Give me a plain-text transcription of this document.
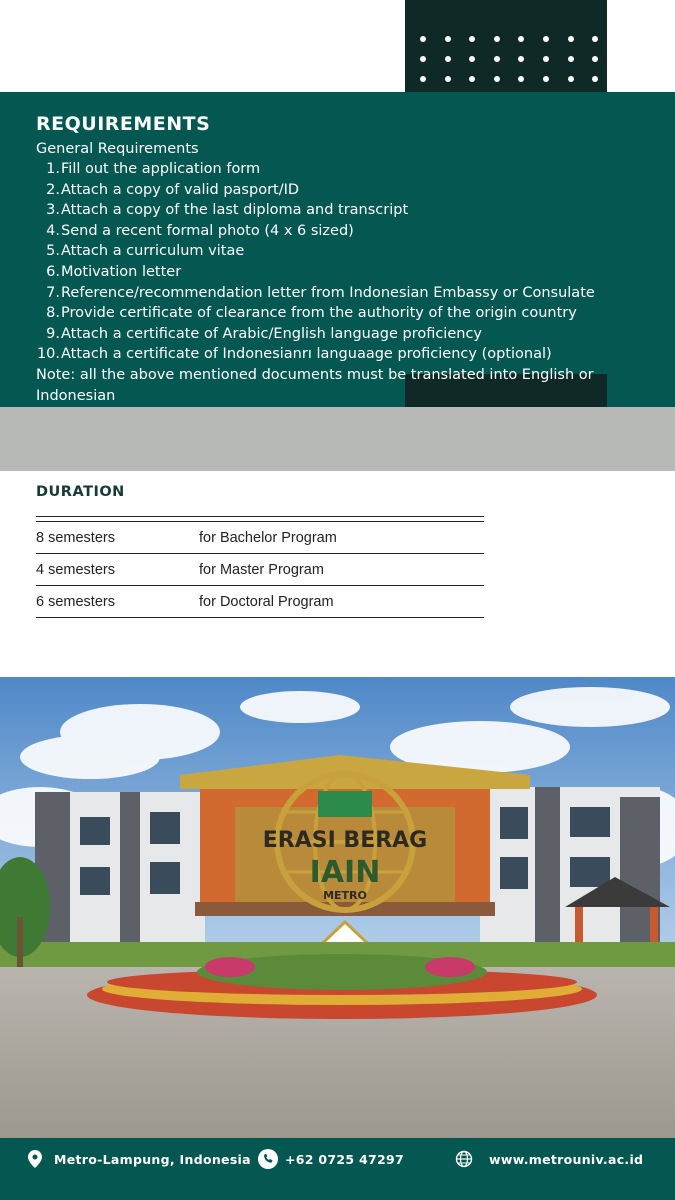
REQUIREMENTS
General Requirements
1. Fill out the application form
2. Attach a copy of valid pasport/ID
3. Attach a copy of the last diploma and transcript
4. Send a recent formal photo (4 x 6 sized)
5. Attach a curriculum vitae
6. Motivation letter
7. Reference/recommendation letter from Indonesian Embassy or Consulate
8. Provide certificate of clearance from the authority of the origin country
9. Attach a certificate of Arabic/English language proficiency
10. Attach a certificate of Indonesianrı languaage proficiency (optional)
Note: all the above mentioned documents must be translated into English or Indonesian
DURATION
8 semesters	for Bachelor Program
4 semesters	for Master Program
6 semesters	for Doctoral Program
ERASI BERAG
IAIN
METRO
Metro-Lampung, Indonesia	+62 0725 47297	www.metrouniv.ac.id
